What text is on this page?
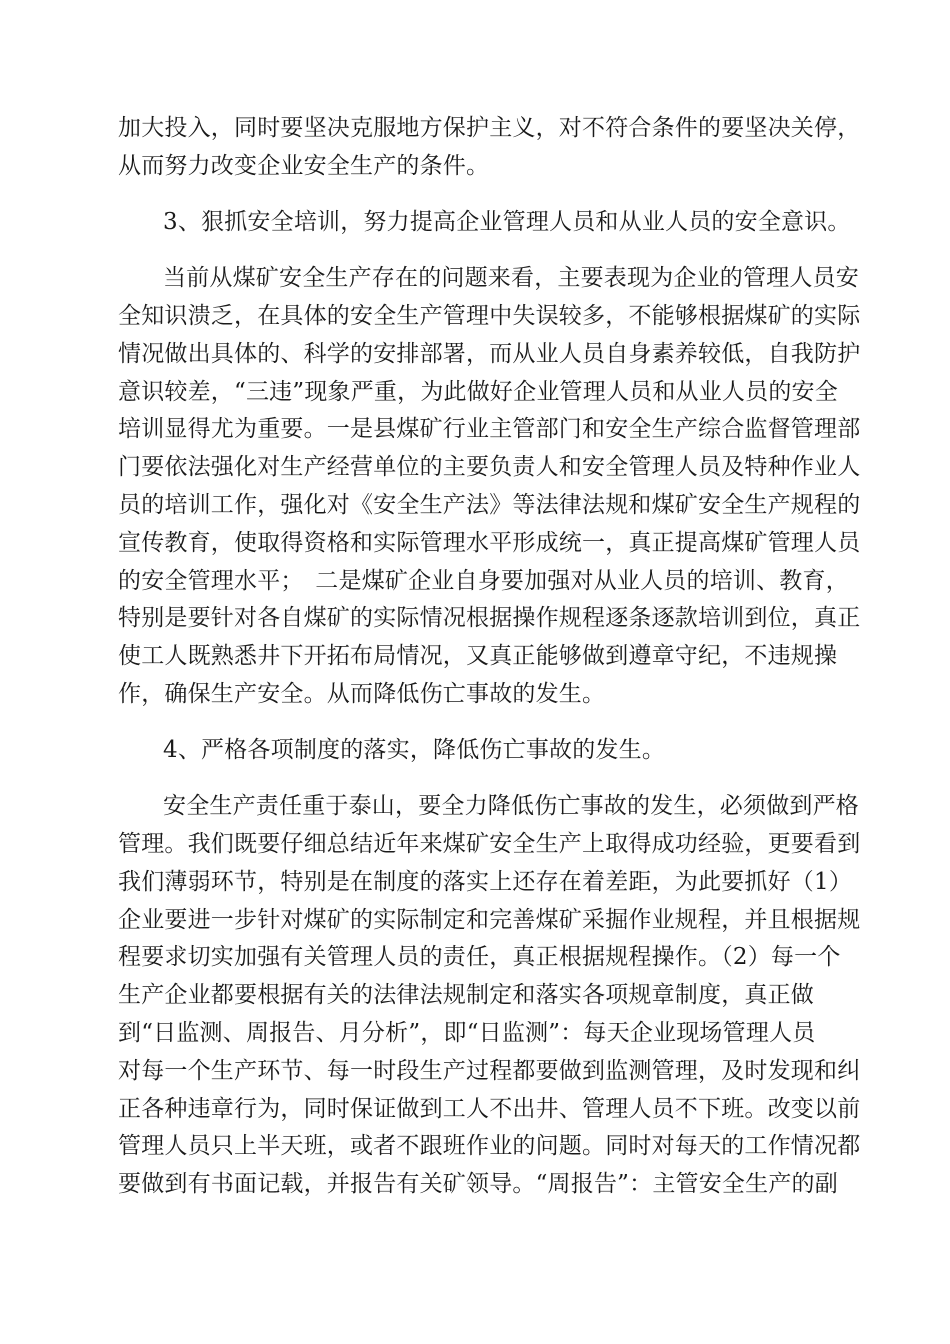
加大投入，同时要坚决克服地方保护主义，对不符合条件的要坚决关停，
从而努力改变企业安全生产的条件。
3、狠抓安全培训，努力提高企业管理人员和从业人员的安全意识。
当前从煤矿安全生产存在的问题来看，主要表现为企业的管理人员安
全知识溃乏，在具体的安全生产管理中失误较多，不能够根据煤矿的实际
情况做出具体的、科学的安排部署，而从业人员自身素养较低，自我防护
意识较差，“三违”现象严重，为此做好企业管理人员和从业人员的安全
培训显得尤为重要。一是县煤矿行业主管部门和安全生产综合监督管理部
门要依法强化对生产经营单位的主要负责人和安全管理人员及特种作业人
员的培训工作，强化对《安全生产法》等法律法规和煤矿安全生产规程的
宣传教育，使取得资格和实际管理水平形成统一，真正提高煤矿管理人员
的安全管理水平；　二是煤矿企业自身要加强对从业人员的培训、教育，
特别是要针对各自煤矿的实际情况根据操作规程逐条逐款培训到位，真正
使工人既熟悉井下开拓布局情况，又真正能够做到遵章守纪，不违规操
作，确保生产安全。从而降低伤亡事故的发生。
4、严格各项制度的落实，降低伤亡事故的发生。
安全生产责任重于泰山，要全力降低伤亡事故的发生，必须做到严格
管理。我们既要仔细总结近年来煤矿安全生产上取得成功经验，更要看到
我们薄弱环节，特别是在制度的落实上还存在着差距，为此要抓好（1）
企业要进一步针对煤矿的实际制定和完善煤矿采掘作业规程，并且根据规
程要求切实加强有关管理人员的责任，真正根据规程操作。（2）每一个
生产企业都要根据有关的法律法规制定和落实各项规章制度，真正做
到“日监测、周报告、月分析”，即“日监测”：每天企业现场管理人员
对每一个生产环节、每一时段生产过程都要做到监测管理，及时发现和纠
正各种违章行为，同时保证做到工人不出井、管理人员不下班。改变以前
管理人员只上半天班，或者不跟班作业的问题。同时对每天的工作情况都
要做到有书面记载，并报告有关矿领导。“周报告”：主管安全生产的副
